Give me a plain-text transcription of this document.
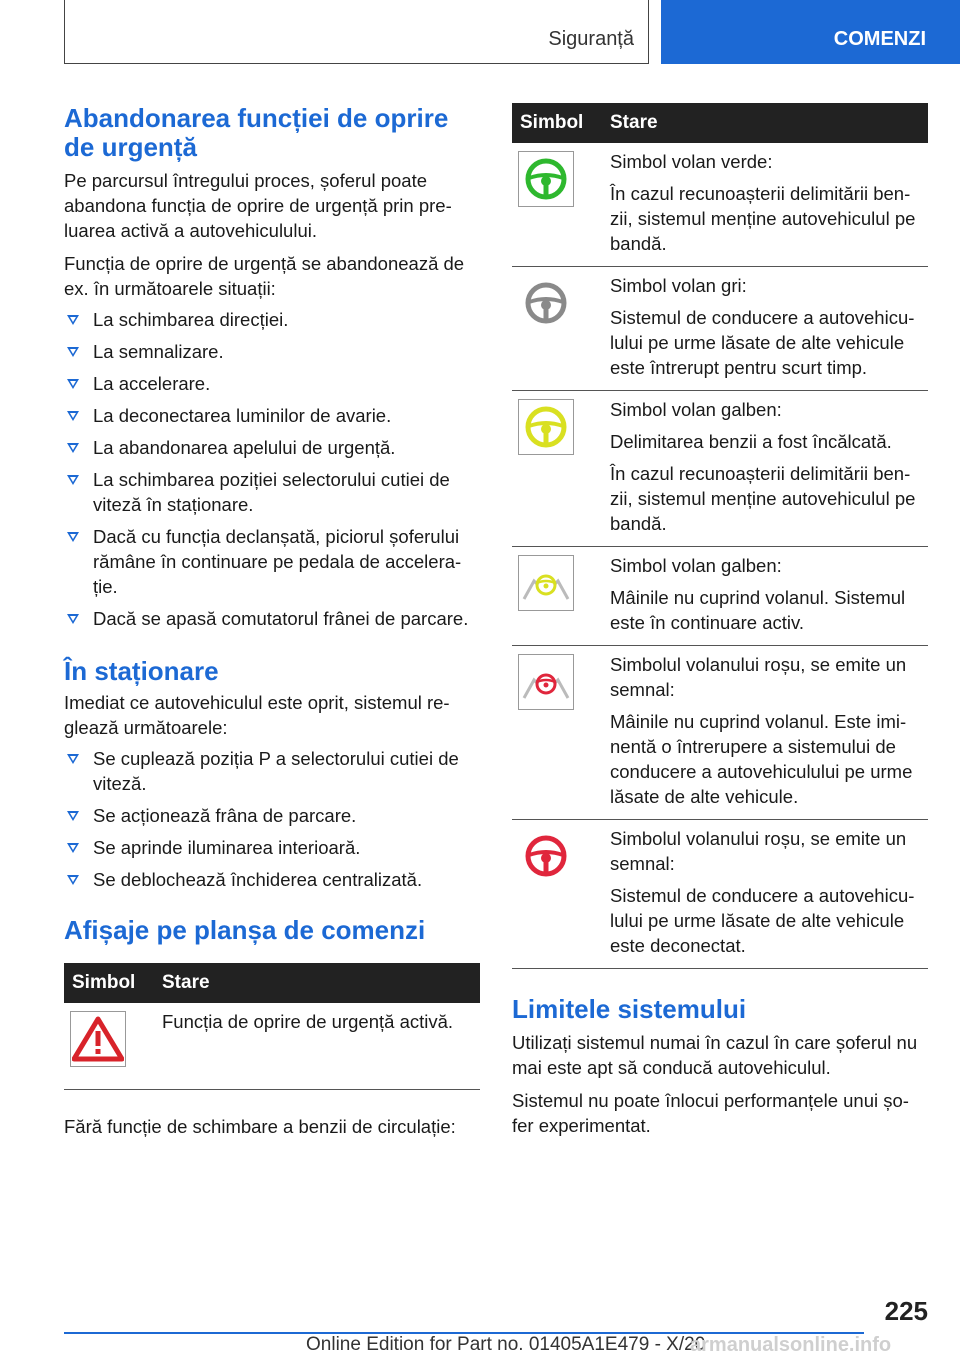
Siguranță	COMENZI
Abandonarea funcției de oprire de urgență

Pe parcursul întregului proces, șoferul poate abandona funcția de oprire de urgență prin pre-luarea activă a autovehiculului.

Funcția de oprire de urgență se abandonează de ex. în următoarele situații:

La schimbarea direcției.
La semnalizare.
La accelerare.
La deconectarea luminilor de avarie.
La abandonarea apelului de urgență.
La schimbarea poziției selectorului cutiei de viteză în staționare.
Dacă cu funcția declanșată, piciorul șoferului rămâne în continuare pe pedala de accelera-ție.
Dacă se apasă comutatorul frânei de parcare.
În staționare

Imediat ce autovehiculul este oprit, sistemul re-glează următoarele:

Se cuplează poziția P a selectorului cutiei de viteză.
Se acționează frâna de parcare.
Se aprinde iluminarea interioară.
Se deblochează închiderea centralizată.
Afișaje pe planșa de comenzi
Simbol	Stare

Funcția de oprire de urgență activă.

Fără funcție de schimbare a benzii de circulație:

Simbol	Stare

Simbol volan verde:

În cazul recunoașterii delimitării ben-zii, sistemul menține autovehiculul pe bandă.

Simbol volan gri:

Sistemul de conducere a autovehicu-lului pe urme lăsate de alte vehicule este întrerupt pentru scurt timp.

Simbol volan galben:

Delimitarea benzii a fost încălcată.

În cazul recunoașterii delimitării ben-zii, sistemul menține autovehiculul pe bandă.

Simbol volan galben:

Mâinile nu cuprind volanul. Sistemul este în continuare activ.

Simbolul volanului roșu, se emite un semnal:

Mâinile nu cuprind volanul. Este imi-nentă o întrerupere a sistemului de conducere a autovehiculului pe urme lăsate de alte vehicule.

Simbolul volanului roșu, se emite un semnal:

Sistemul de conducere a autovehicu-lului pe urme lăsate de alte vehicule este deconectat.

Limitele sistemului

Utilizați sistemul numai în cazul în care șoferul nu mai este apt să conducă autovehiculul.

Sistemul nu poate înlocui performanțele unui șo-fer experimentat.

225
Online Edition for Part no. 01405A1E479 - X/20
armanualsonline.info
